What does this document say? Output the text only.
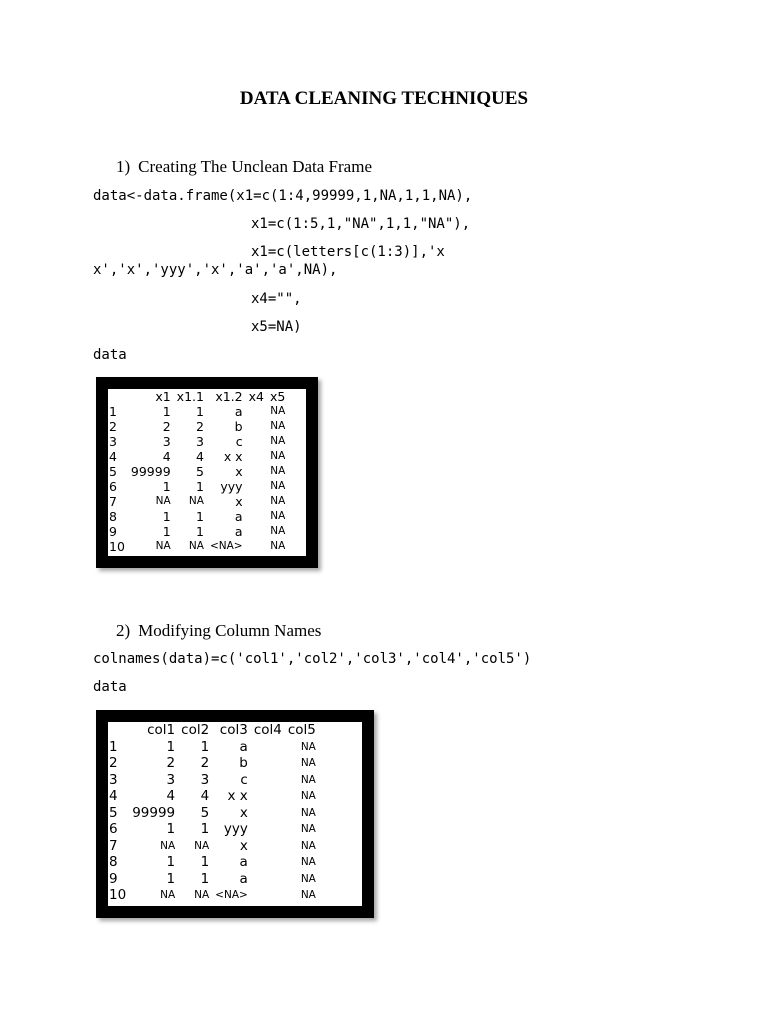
DATA CLEANING TECHNIQUES
1) Creating The Unclean Data Frame
data<-data.frame(x1=c(1:4,99999,1,NA,1,1,NA),
x1=c(1:5,1,"NA",1,1,"NA"),
x1=c(letters[c(1:3)],'x
x','x','yyy','x','a','a',NA),
x4="",
x5=NA)
data
	x1	x1.1	x1.2	x4	x5
1	1	1	a		NA
2	2	2	b		NA
3	3	3	c		NA
4	4	4	x x		NA
5	99999	5	x		NA
6	1	1	yyy		NA
7	NA	NA	x		NA
8	1	1	a		NA
9	1	1	a		NA
10	NA	NA	<NA>		NA
2) Modifying Column Names
colnames(data)=c('col1','col2','col3','col4','col5')
data
	col1	col2	col3	col4	col5
1	1	1	a		NA
2	2	2	b		NA
3	3	3	c		NA
4	4	4	x x		NA
5	99999	5	x		NA
6	1	1	yyy		NA
7	NA	NA	x		NA
8	1	1	a		NA
9	1	1	a		NA
10	NA	NA	<NA>		NA
